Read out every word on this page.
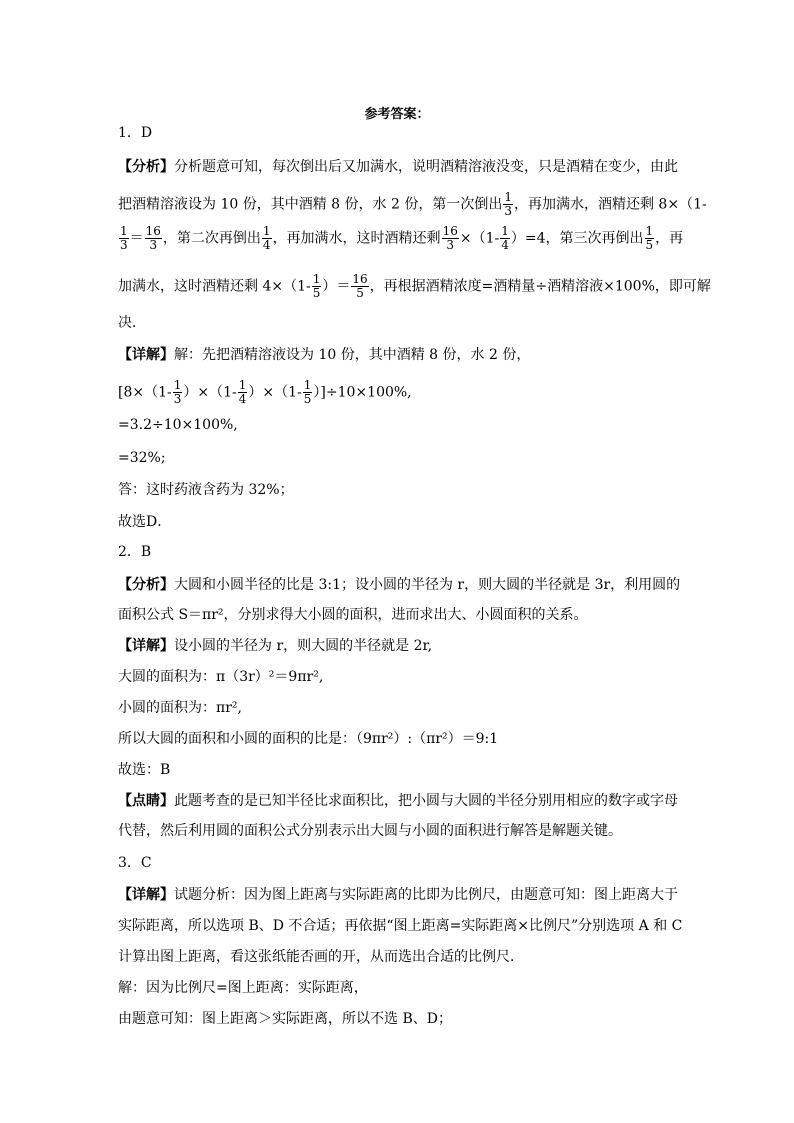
参考答案：
1．D
【分析】分析题意可知，每次倒出后又加满水，说明酒精溶液没变，只是酒精在变少，由此
把酒精溶液设为 10 份，其中酒精 8 份，水 2 份，第一次倒出 $\frac{1}{3}$ ，再加满水，酒精还剩 8×（1-
$\frac{1}{3} = \frac{16}{3}$ ，第二次再倒出 $\frac{1}{4}$ ，再加满水，这时酒精还剩 $\frac{16}{3} \times(1- \frac{1}{4} )=4$，第三次再倒出 $\frac{1}{5}$ ，再
加满水，这时酒精还剩 $4\times(1- \frac{1}{5}$ ）＝ $\frac{16}{5}$ ，再根据酒精浓度=酒精量÷酒精溶液×100%，即可解
决．
【详解】解：先把酒精溶液设为 10 份，其中酒精 8 份，水 2 份，
$[8\times(1- \frac{1}{3} )\times(1- \frac{1}{4} )\times(1- \frac{1}{5} )]\div 10\times 100\%$,
=3.2÷10×100%,
=32%;
答：这时药液含药为 32%；
故选D．
2．B
【分析】大圆和小圆半径的比是 3:1；设小圆的半径为 r，则大圆的半径就是 3r，利用圆的
面积公式 S＝πr²，分别求得大小圆的面积，进而求出大、小圆面积的关系。
【详解】设小圆的半径为 r，则大圆的半径就是 2r,
大圆的面积为：π（3r）²＝9πr²,
小圆的面积为：πr²,
所以大圆的面积和小圆的面积的比是：（9πr²）:（πr²）＝9:1
故选：B
【点睛】此题考查的是已知半径比求面积比，把小圆与大圆的半径分别用相应的数字或字母
代替，然后利用圆的面积公式分别表示出大圆与小圆的面积进行解答是解题关键。
3．C
【详解】试题分析：因为图上距离与实际距离的比即为比例尺，由题意可知：图上距离大于
实际距离，所以选项 B、D 不合适；再依据“图上距离=实际距离×比例尺”分别选项 A 和 C
计算出图上距离，看这张纸能否画的开，从而选出合适的比例尺．
解：因为比例尺=图上距离：实际距离，
由题意可知：图上距离＞实际距离，所以不选 B、D；
